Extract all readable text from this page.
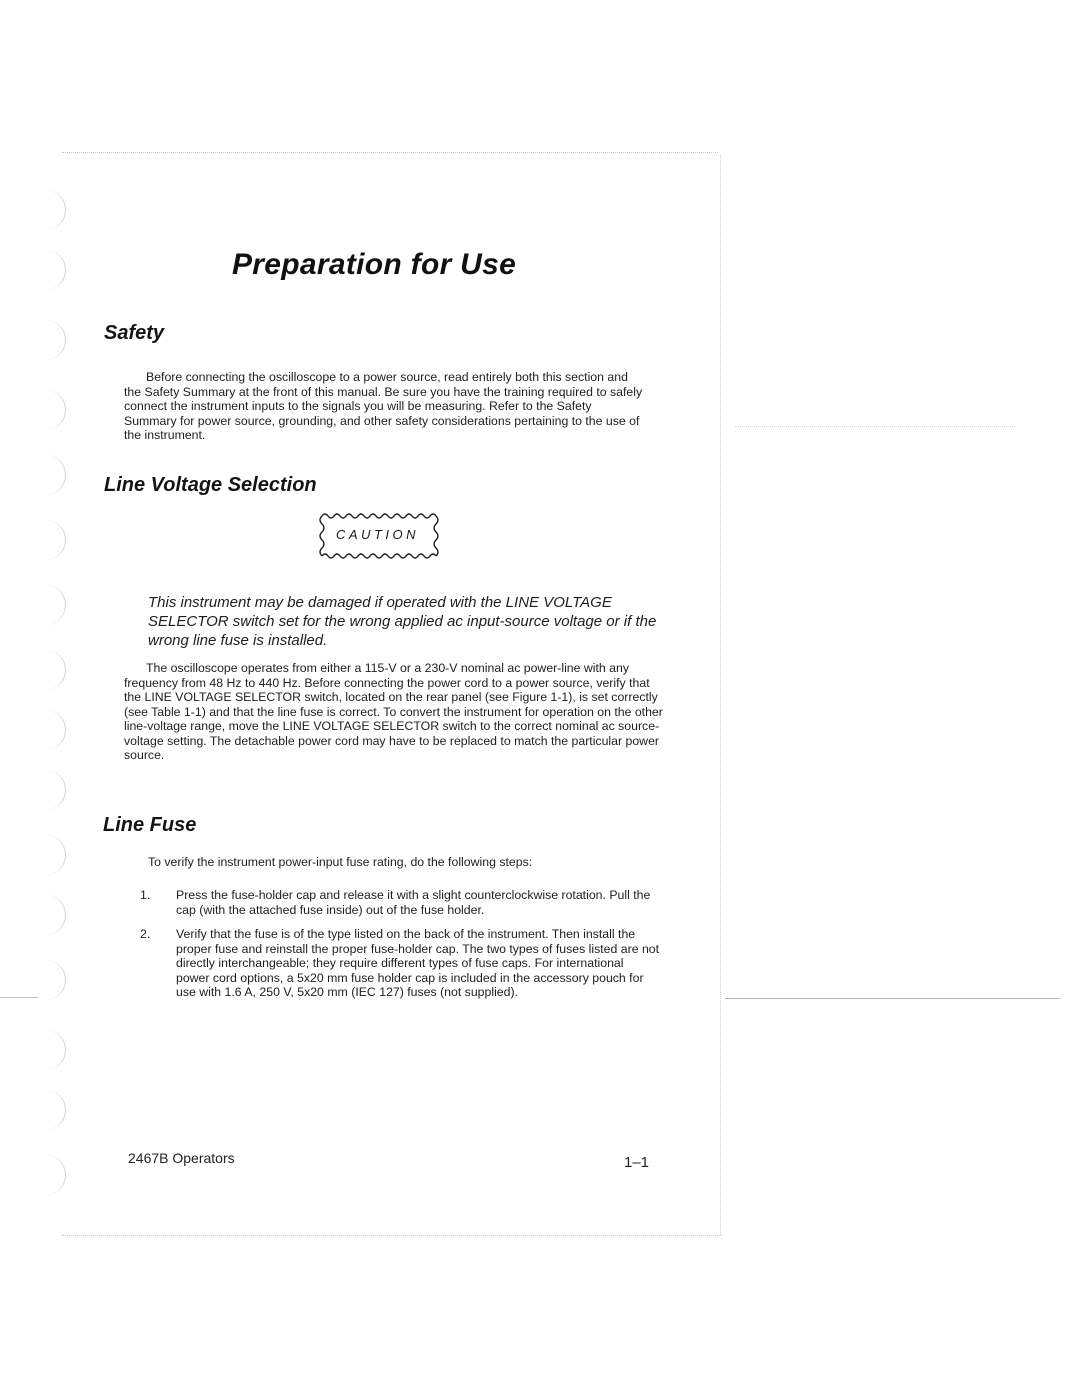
Preparation for Use
Safety

Before connecting the oscilloscope to a power source, read entirely both this section and the Safety Summary at the front of this manual. Be sure you have the training required to safely connect the instrument inputs to the signals you will be measuring. Refer to the Safety Summary for power source, grounding, and other safety considerations pertaining to the use of the instrument.

Line Voltage Selection
CAUTION

This instrument may be damaged if operated with the LINE VOLTAGE SELECTOR switch set for the wrong applied ac input-source voltage or if the wrong line fuse is installed.

The oscilloscope operates from either a 115-V or a 230-V nominal ac power-line with any frequency from 48 Hz to 440 Hz. Before connecting the power cord to a power source, verify that the LINE VOLTAGE SELECTOR switch, located on the rear panel (see Figure 1-1), is set correctly (see Table 1-1) and that the line fuse is correct. To convert the instrument for operation on the other line-voltage range, move the LINE VOLTAGE SELECTOR switch to the correct nominal ac source-voltage setting. The detachable power cord may have to be replaced to match the particular power source.

Line Fuse

To verify the instrument power-input fuse rating, do the following steps:

1.	Press the fuse-holder cap and release it with a slight counterclockwise rotation. Pull the cap (with the attached fuse inside) out of the fuse holder.
2.	Verify that the fuse is of the type listed on the back of the instrument. Then install the proper fuse and reinstall the proper fuse-holder cap. The two types of fuses listed are not directly interchangeable; they require different types of fuse caps. For international power cord options, a 5x20 mm fuse holder cap is included in the accessory pouch for use with 1.6 A, 250 V, 5x20 mm (IEC 127) fuses (not supplied).
2467B Operators	1–1
